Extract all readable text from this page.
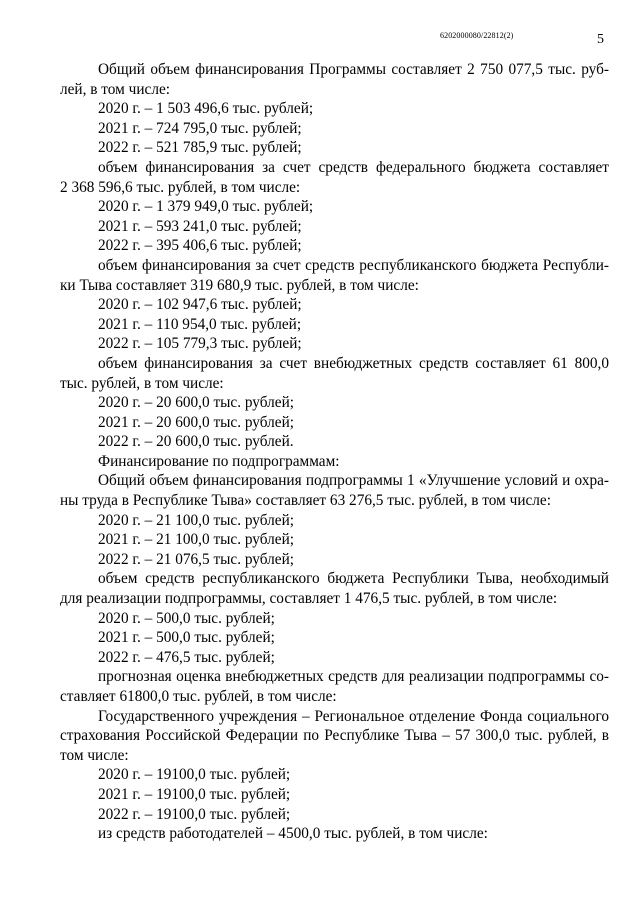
6202000080/22812(2)	5

Общий объем финансирования Программы составляет 2 750 077,5 тыс. руб-

лей, в том числе:

2020 г. – 1 503 496,6 тыс. рублей;

2021 г. – 724 795,0 тыс. рублей;

2022 г. – 521 785,9 тыс. рублей;

объем финансирования за счет средств федерального бюджета составляет

2 368 596,6 тыс. рублей, в том числе:

2020 г. – 1 379 949,0 тыс. рублей;

2021 г. – 593 241,0 тыс. рублей;

2022 г. – 395 406,6 тыс. рублей;

объем финансирования за счет средств республиканского бюджета Республи-

ки Тыва составляет 319 680,9 тыс. рублей, в том числе:

2020 г. – 102 947,6 тыс. рублей;

2021 г. – 110 954,0 тыс. рублей;

2022 г. – 105 779,3 тыс. рублей;

объем финансирования за счет внебюджетных средств составляет 61 800,0

тыс. рублей, в том числе:

2020 г. – 20 600,0 тыс. рублей;

2021 г. – 20 600,0 тыс. рублей;

2022 г. – 20 600,0 тыс. рублей.

Финансирование по подпрограммам:

Общий объем финансирования подпрограммы 1 «Улучшение условий и охра-

ны труда в Республике Тыва» составляет 63 276,5 тыс. рублей, в том числе:

2020 г. – 21 100,0 тыс. рублей;

2021 г. – 21 100,0 тыс. рублей;

2022 г. – 21 076,5 тыс. рублей;

объем средств республиканского бюджета Республики Тыва, необходимый

для реализации подпрограммы, составляет 1 476,5 тыс. рублей, в том числе:

2020 г. – 500,0 тыс. рублей;

2021 г. – 500,0 тыс. рублей;

2022 г. – 476,5 тыс. рублей;

прогнозная оценка внебюджетных средств для реализации подпрограммы со-

ставляет 61800,0 тыс. рублей, в том числе:

Государственного учреждения – Региональное отделение Фонда социального

страхования Российской Федерации по Республике Тыва – 57 300,0 тыс. рублей, в

том числе:

2020 г. – 19100,0 тыс. рублей;

2021 г. – 19100,0 тыс. рублей;

2022 г. – 19100,0 тыс. рублей;

из средств работодателей – 4500,0 тыс. рублей, в том числе:
